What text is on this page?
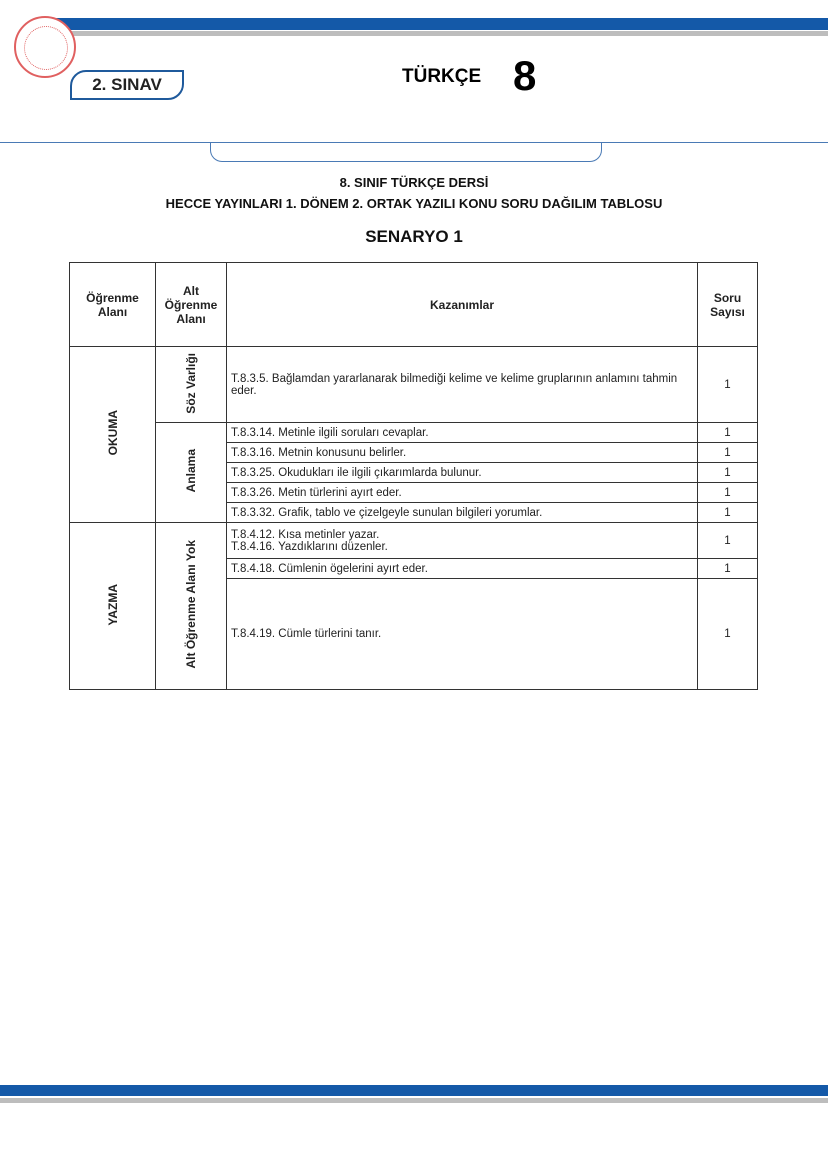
2. SINAV	TÜRKÇE 8
8. SINIF TÜRKÇE DERSİ
HECCE YAYINLARI 1. DÖNEM 2. ORTAK YAZILI KONU SORU DAĞILIM TABLOSU
SENARYO 1
Öğrenme Alanı	Alt Öğrenme Alanı	Kazanımlar	Soru Sayısı
OKUMA	Söz Varlığı	T.8.3.5. Bağlamdan yararlanarak bilmediği kelime ve kelime gruplarının anlamını tahmin eder.	1
	Anlama	T.8.3.14. Metinle ilgili soruları cevaplar.	1
		T.8.3.16. Metnin konusunu belirler.	1
		T.8.3.25. Okudukları ile ilgili çıkarımlarda bulunur.	1
		T.8.3.26. Metin türlerini ayırt eder.	1
		T.8.3.32. Grafik, tablo ve çizelgeyle sunulan bilgileri yorumlar.	1
YAZMA	Alt Öğrenme Alanı Yok	T.8.4.12. Kısa metinler yazar.
T.8.4.16. Yazdıklarını düzenler.	1
		T.8.4.18. Cümlenin ögelerini ayırt eder.	1
		T.8.4.19. Cümle türlerini tanır.	1
